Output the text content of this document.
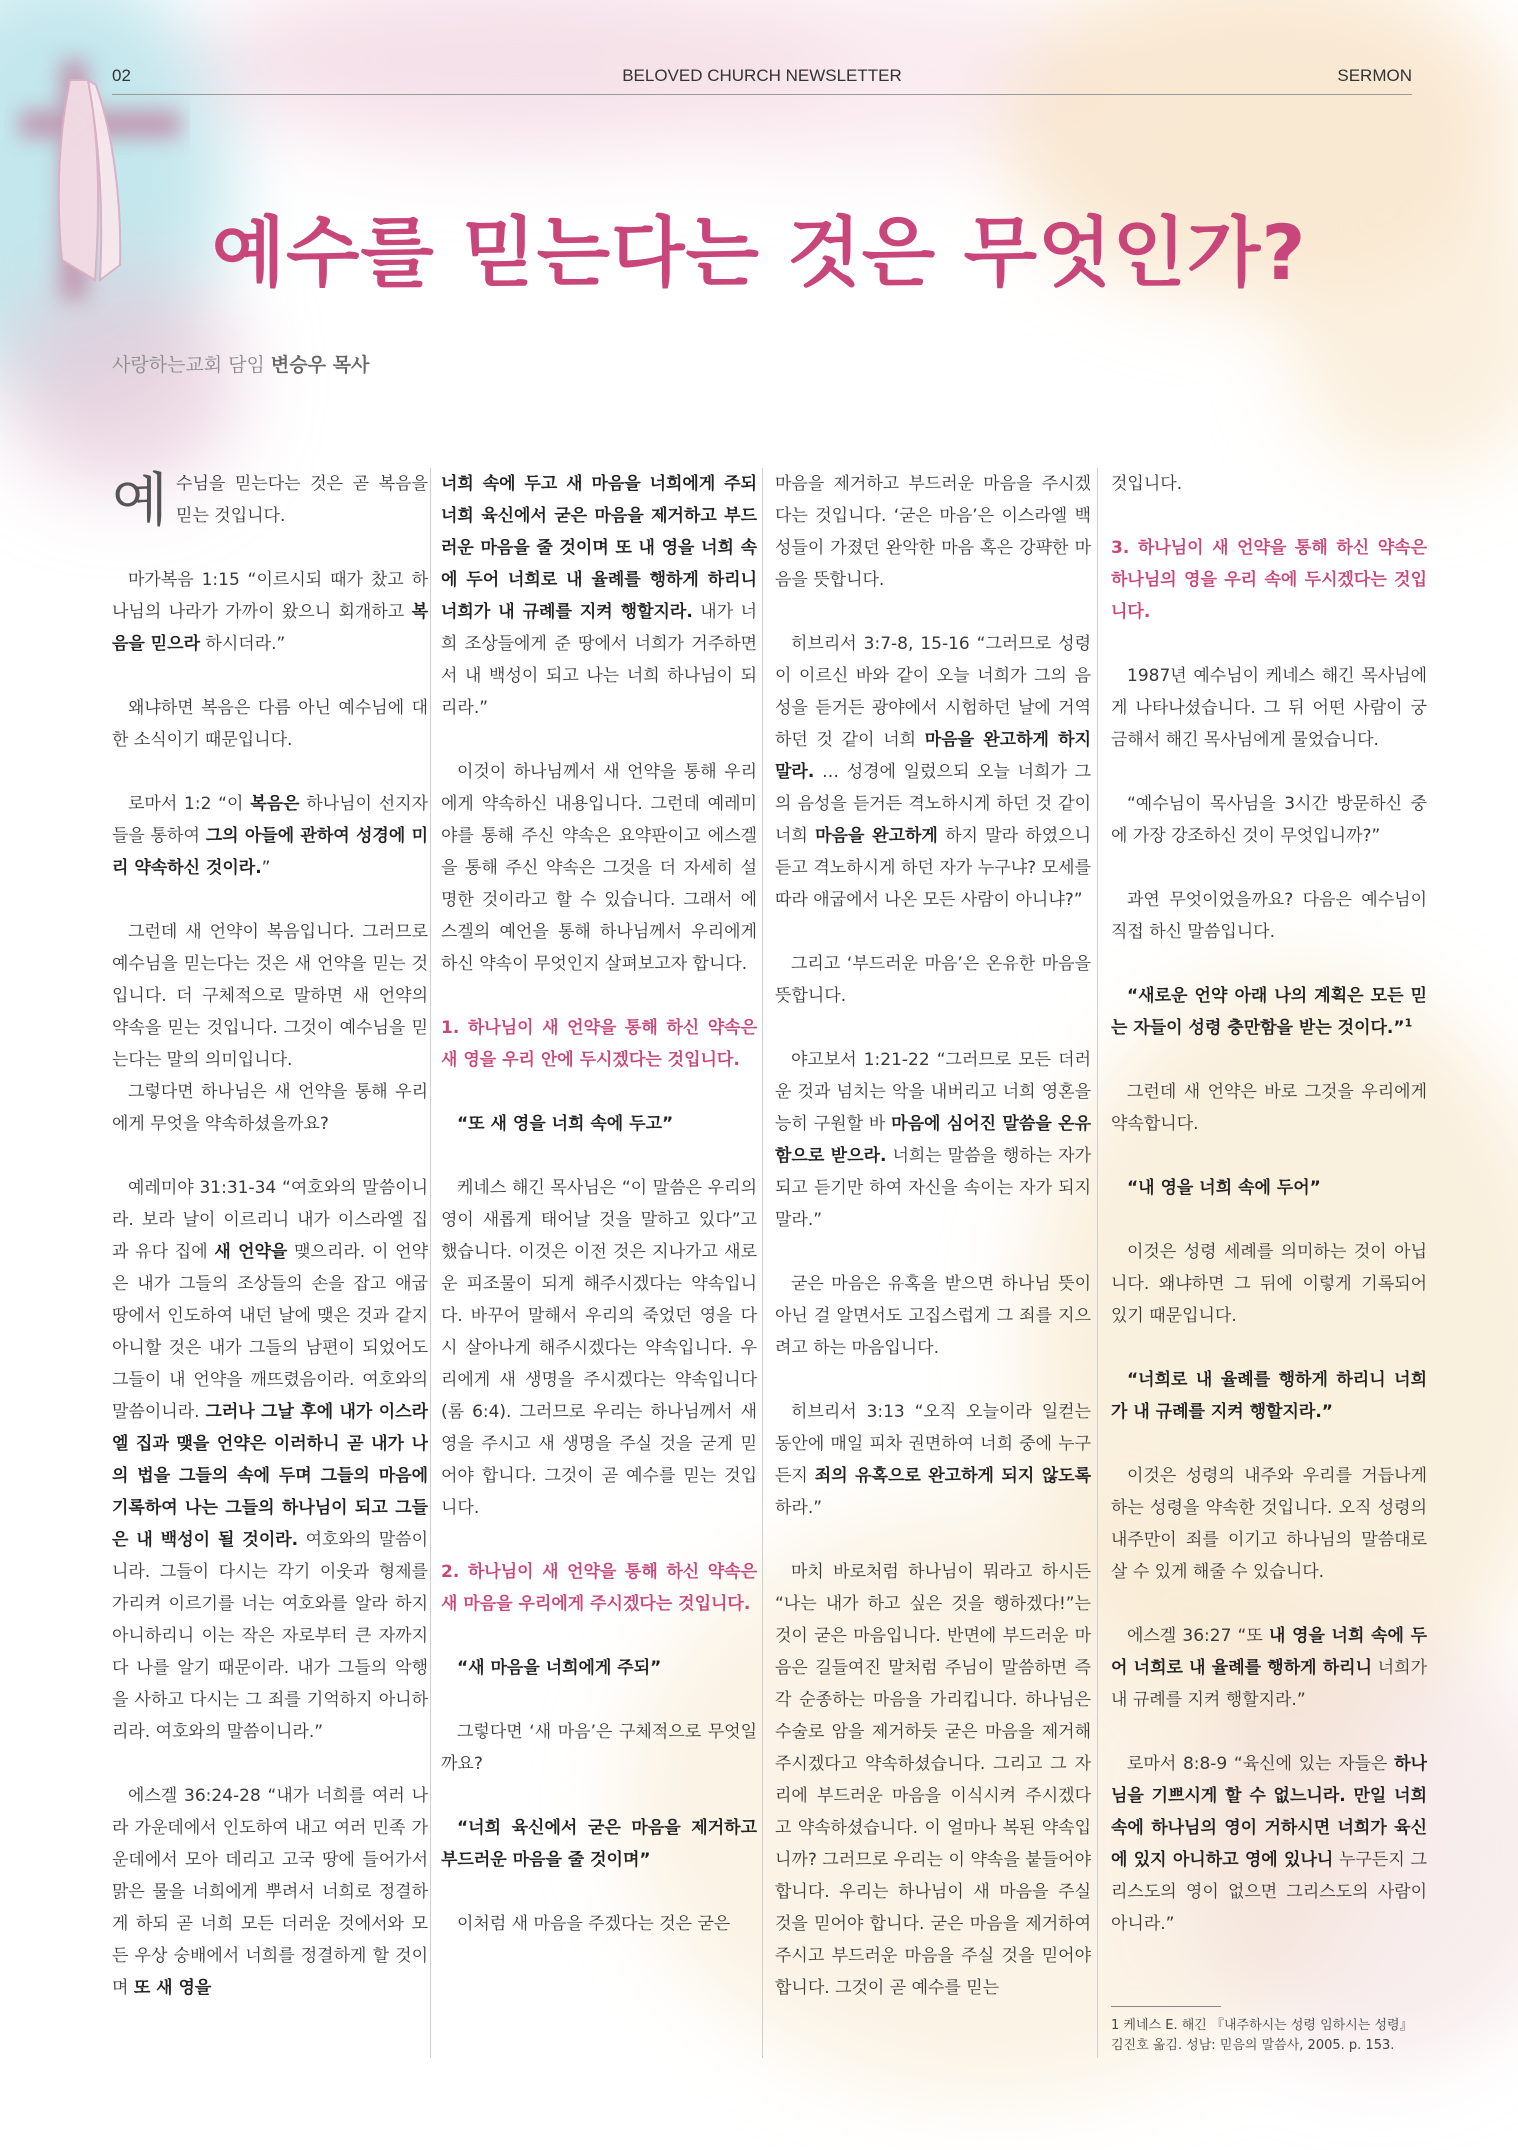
02	BELOVED CHURCH NEWSLETTER	SERMON
예수를 믿는다는 것은 무엇인가?
사랑하는교회 담임 변승우 목사

예수님을 믿는다는 것은 곧 복음을 믿는 것입니다.

마가복음 1:15 “이르시되 때가 찼고 하나님의 나라가 가까이 왔으니 회개하고 복음을 믿으라 하시더라.”

왜냐하면 복음은 다름 아닌 예수님에 대한 소식이기 때문입니다.

로마서 1:2 “이 복음은 하나님이 선지자들을 통하여 그의 아들에 관하여 성경에 미리 약속하신 것이라.”

그런데 새 언약이 복음입니다. 그러므로 예수님을 믿는다는 것은 새 언약을 믿는 것입니다. 더 구체적으로 말하면 새 언약의 약속을 믿는 것입니다. 그것이 예수님을 믿는다는 말의 의미입니다.

그렇다면 하나님은 새 언약을 통해 우리에게 무엇을 약속하셨을까요?

예레미야 31:31-34 “여호와의 말씀이니라. 보라 날이 이르리니 내가 이스라엘 집과 유다 집에 새 언약을 맺으리라. 이 언약은 내가 그들의 조상들의 손을 잡고 애굽 땅에서 인도하여 내던 날에 맺은 것과 같지 아니할 것은 내가 그들의 남편이 되었어도 그들이 내 언약을 깨뜨렸음이라. 여호와의 말씀이니라. 그러나 그날 후에 내가 이스라엘 집과 맺을 언약은 이러하니 곧 내가 나의 법을 그들의 속에 두며 그들의 마음에 기록하여 나는 그들의 하나님이 되고 그들은 내 백성이 될 것이라. 여호와의 말씀이니라. 그들이 다시는 각기 이웃과 형제를 가리켜 이르기를 너는 여호와를 알라 하지 아니하리니 이는 작은 자로부터 큰 자까지 다 나를 알기 때문이라. 내가 그들의 악행을 사하고 다시는 그 죄를 기억하지 아니하리라. 여호와의 말씀이니라.”

에스겔 36:24-28 “내가 너희를 여러 나라 가운데에서 인도하여 내고 여러 민족 가운데에서 모아 데리고 고국 땅에 들어가서 맑은 물을 너희에게 뿌려서 너희로 정결하게 하되 곧 너희 모든 더러운 것에서와 모든 우상 숭배에서 너희를 정결하게 할 것이며 또 새 영을

너희 속에 두고 새 마음을 너희에게 주되 너희 육신에서 굳은 마음을 제거하고 부드러운 마음을 줄 것이며 또 내 영을 너희 속에 두어 너희로 내 율례를 행하게 하리니 너희가 내 규례를 지켜 행할지라. 내가 너희 조상들에게 준 땅에서 너희가 거주하면서 내 백성이 되고 나는 너희 하나님이 되리라.”

이것이 하나님께서 새 언약을 통해 우리에게 약속하신 내용입니다. 그런데 예레미야를 통해 주신 약속은 요약판이고 에스겔을 통해 주신 약속은 그것을 더 자세히 설명한 것이라고 할 수 있습니다. 그래서 에스겔의 예언을 통해 하나님께서 우리에게 하신 약속이 무엇인지 살펴보고자 합니다.

1. 하나님이 새 언약을 통해 하신 약속은 새 영을 우리 안에 두시겠다는 것입니다.

“또 새 영을 너희 속에 두고”

케네스 해긴 목사님은 “이 말씀은 우리의 영이 새롭게 태어날 것을 말하고 있다”고 했습니다. 이것은 이전 것은 지나가고 새로운 피조물이 되게 해주시겠다는 약속입니다. 바꾸어 말해서 우리의 죽었던 영을 다시 살아나게 해주시겠다는 약속입니다. 우리에게 새 생명을 주시겠다는 약속입니다(롬 6:4). 그러므로 우리는 하나님께서 새 영을 주시고 새 생명을 주실 것을 굳게 믿어야 합니다. 그것이 곧 예수를 믿는 것입니다.

2. 하나님이 새 언약을 통해 하신 약속은 새 마음을 우리에게 주시겠다는 것입니다.

“새 마음을 너희에게 주되”

그렇다면 ‘새 마음’은 구체적으로 무엇일까요?

“너희 육신에서 굳은 마음을 제거하고 부드러운 마음을 줄 것이며”

이처럼 새 마음을 주겠다는 것은 굳은

마음을 제거하고 부드러운 마음을 주시겠다는 것입니다. ‘굳은 마음’은 이스라엘 백성들이 가졌던 완악한 마음 혹은 강퍅한 마음을 뜻합니다.

히브리서 3:7-8, 15-16 “그러므로 성령이 이르신 바와 같이 오늘 너희가 그의 음성을 듣거든 광야에서 시험하던 날에 거역하던 것 같이 너희 마음을 완고하게 하지 말라. … 성경에 일렀으되 오늘 너희가 그의 음성을 듣거든 격노하시게 하던 것 같이 너희 마음을 완고하게 하지 말라 하였으니 듣고 격노하시게 하던 자가 누구냐? 모세를 따라 애굽에서 나온 모든 사람이 아니냐?”

그리고 ‘부드러운 마음’은 온유한 마음을 뜻합니다.

야고보서 1:21-22 “그러므로 모든 더러운 것과 넘치는 악을 내버리고 너희 영혼을 능히 구원할 바 마음에 심어진 말씀을 온유함으로 받으라. 너희는 말씀을 행하는 자가 되고 듣기만 하여 자신을 속이는 자가 되지 말라.”

굳은 마음은 유혹을 받으면 하나님 뜻이 아닌 걸 알면서도 고집스럽게 그 죄를 지으려고 하는 마음입니다.

히브리서 3:13 “오직 오늘이라 일컫는 동안에 매일 피차 권면하여 너희 중에 누구든지 죄의 유혹으로 완고하게 되지 않도록 하라.”

마치 바로처럼 하나님이 뭐라고 하시든 “나는 내가 하고 싶은 것을 행하겠다!”는 것이 굳은 마음입니다. 반면에 부드러운 마음은 길들여진 말처럼 주님이 말씀하면 즉각 순종하는 마음을 가리킵니다. 하나님은 수술로 암을 제거하듯 굳은 마음을 제거해 주시겠다고 약속하셨습니다. 그리고 그 자리에 부드러운 마음을 이식시켜 주시겠다고 약속하셨습니다. 이 얼마나 복된 약속입니까? 그러므로 우리는 이 약속을 붙들어야 합니다. 우리는 하나님이 새 마음을 주실 것을 믿어야 합니다. 굳은 마음을 제거하여 주시고 부드러운 마음을 주실 것을 믿어야 합니다. 그것이 곧 예수를 믿는

것입니다.

3. 하나님이 새 언약을 통해 하신 약속은 하나님의 영을 우리 속에 두시겠다는 것입니다.

1987년 예수님이 케네스 해긴 목사님에게 나타나셨습니다. 그 뒤 어떤 사람이 궁금해서 해긴 목사님에게 물었습니다.

“예수님이 목사님을 3시간 방문하신 중에 가장 강조하신 것이 무엇입니까?”

과연 무엇이었을까요? 다음은 예수님이 직접 하신 말씀입니다.

“새로운 언약 아래 나의 계획은 모든 믿는 자들이 성령 충만함을 받는 것이다.”$^1$

그런데 새 언약은 바로 그것을 우리에게 약속합니다.

“내 영을 너희 속에 두어”

이것은 성령 세례를 의미하는 것이 아닙니다. 왜냐하면 그 뒤에 이렇게 기록되어 있기 때문입니다.

“너희로 내 율례를 행하게 하리니 너희가 내 규례를 지켜 행할지라.”

이것은 성령의 내주와 우리를 거듭나게 하는 성령을 약속한 것입니다. 오직 성령의 내주만이 죄를 이기고 하나님의 말씀대로 살 수 있게 해줄 수 있습니다.

에스겔 36:27 “또 내 영을 너희 속에 두어 너희로 내 율례를 행하게 하리니 너희가 내 규례를 지켜 행할지라.”

로마서 8:8-9 “육신에 있는 자들은 하나님을 기쁘시게 할 수 없느니라. 만일 너희 속에 하나님의 영이 거하시면 너희가 육신에 있지 아니하고 영에 있나니 누구든지 그리스도의 영이 없으면 그리스도의 사람이 아니라.”

1 케네스 E. 해긴 『내주하시는 성령 임하시는 성령』 김진호 옮김. 성남: 믿음의 말씀사, 2005. p. 153.
